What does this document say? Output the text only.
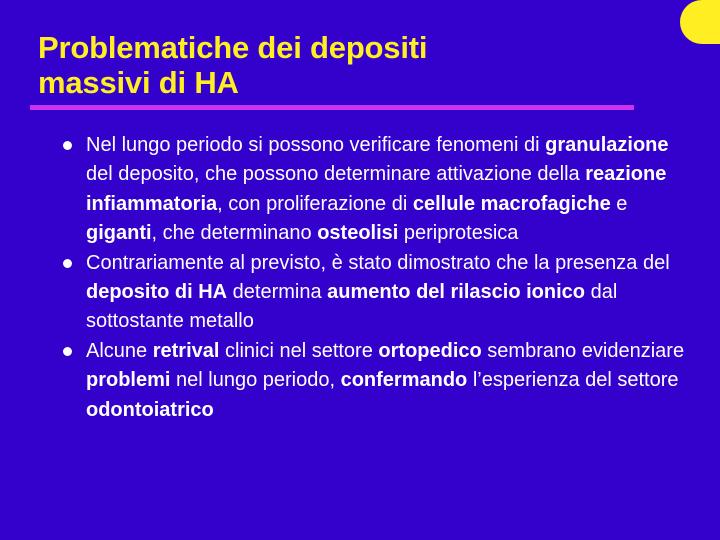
Problematiche dei depositi
massivi di HA
Nel lungo periodo si possono verificare fenomeni di granulazione del deposito, che possono determinare attivazione della reazione infiammatoria, con proliferazione di cellule macrofagiche e giganti, che determinano osteolisi periprotesica
Contrariamente al previsto, è stato dimostrato che la presenza del deposito di HA determina aumento del rilascio ionico dal sottostante metallo
Alcune retrival clinici nel settore ortopedico sembrano evidenziare problemi nel lungo periodo, confermando l’esperienza del settore odontoiatrico
